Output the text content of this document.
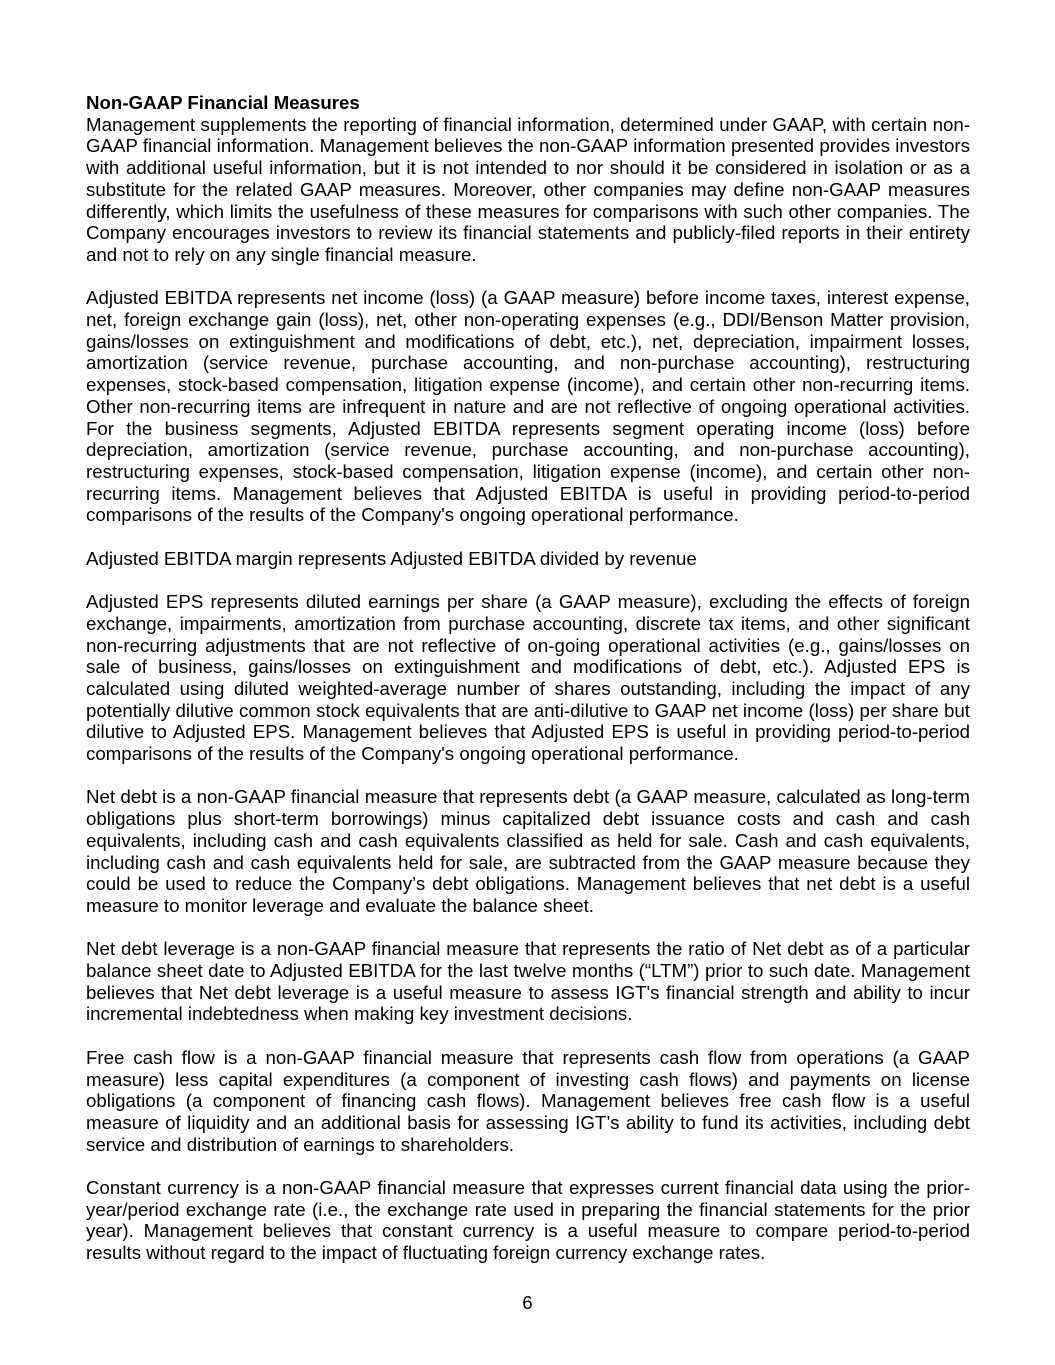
Non-GAAP Financial Measures

Management supplements the reporting of financial information, determined under GAAP, with certain non-GAAP financial information. Management believes the non-GAAP information presented provides investors with additional useful information, but it is not intended to nor should it be considered in isolation or as a substitute for the related GAAP measures. Moreover, other companies may define non-GAAP measures differently, which limits the usefulness of these measures for comparisons with such other companies. The Company encourages investors to review its financial statements and publicly-filed reports in their entirety and not to rely on any single financial measure.

Adjusted EBITDA represents net income (loss) (a GAAP measure) before income taxes, interest expense, net, foreign exchange gain (loss), net, other non-operating expenses (e.g., DDI/Benson Matter provision, gains/losses on extinguishment and modifications of debt, etc.), net, depreciation, impairment losses, amortization (service revenue, purchase accounting, and non-purchase accounting), restructuring expenses, stock-based compensation, litigation expense (income), and certain other non-recurring items. Other non-recurring items are infrequent in nature and are not reflective of ongoing operational activities. For the business segments, Adjusted EBITDA represents segment operating income (loss) before depreciation, amortization (service revenue, purchase accounting, and non-purchase accounting), restructuring expenses, stock-based compensation, litigation expense (income), and certain other non-recurring items. Management believes that Adjusted EBITDA is useful in providing period-to-period comparisons of the results of the Company's ongoing operational performance.

Adjusted EBITDA margin represents Adjusted EBITDA divided by revenue

Adjusted EPS represents diluted earnings per share (a GAAP measure), excluding the effects of foreign exchange, impairments, amortization from purchase accounting, discrete tax items, and other significant non-recurring adjustments that are not reflective of on-going operational activities (e.g., gains/losses on sale of business, gains/losses on extinguishment and modifications of debt, etc.). Adjusted EPS is calculated using diluted weighted-average number of shares outstanding, including the impact of any potentially dilutive common stock equivalents that are anti-dilutive to GAAP net income (loss) per share but dilutive to Adjusted EPS. Management believes that Adjusted EPS is useful in providing period-to-period comparisons of the results of the Company's ongoing operational performance.

Net debt is a non-GAAP financial measure that represents debt (a GAAP measure, calculated as long-term obligations plus short-term borrowings) minus capitalized debt issuance costs and cash and cash equivalents, including cash and cash equivalents classified as held for sale. Cash and cash equivalents, including cash and cash equivalents held for sale, are subtracted from the GAAP measure because they could be used to reduce the Company’s debt obligations. Management believes that net debt is a useful measure to monitor leverage and evaluate the balance sheet.

Net debt leverage is a non-GAAP financial measure that represents the ratio of Net debt as of a particular balance sheet date to Adjusted EBITDA for the last twelve months (“LTM”) prior to such date. Management believes that Net debt leverage is a useful measure to assess IGT's financial strength and ability to incur incremental indebtedness when making key investment decisions.

Free cash flow is a non-GAAP financial measure that represents cash flow from operations (a GAAP measure) less capital expenditures (a component of investing cash flows) and payments on license obligations (a component of financing cash flows). Management believes free cash flow is a useful measure of liquidity and an additional basis for assessing IGT’s ability to fund its activities, including debt service and distribution of earnings to shareholders.

Constant currency is a non-GAAP financial measure that expresses current financial data using the prior-year/period exchange rate (i.e., the exchange rate used in preparing the financial statements for the prior year). Management believes that constant currency is a useful measure to compare period-to-period results without regard to the impact of fluctuating foreign currency exchange rates.

6
